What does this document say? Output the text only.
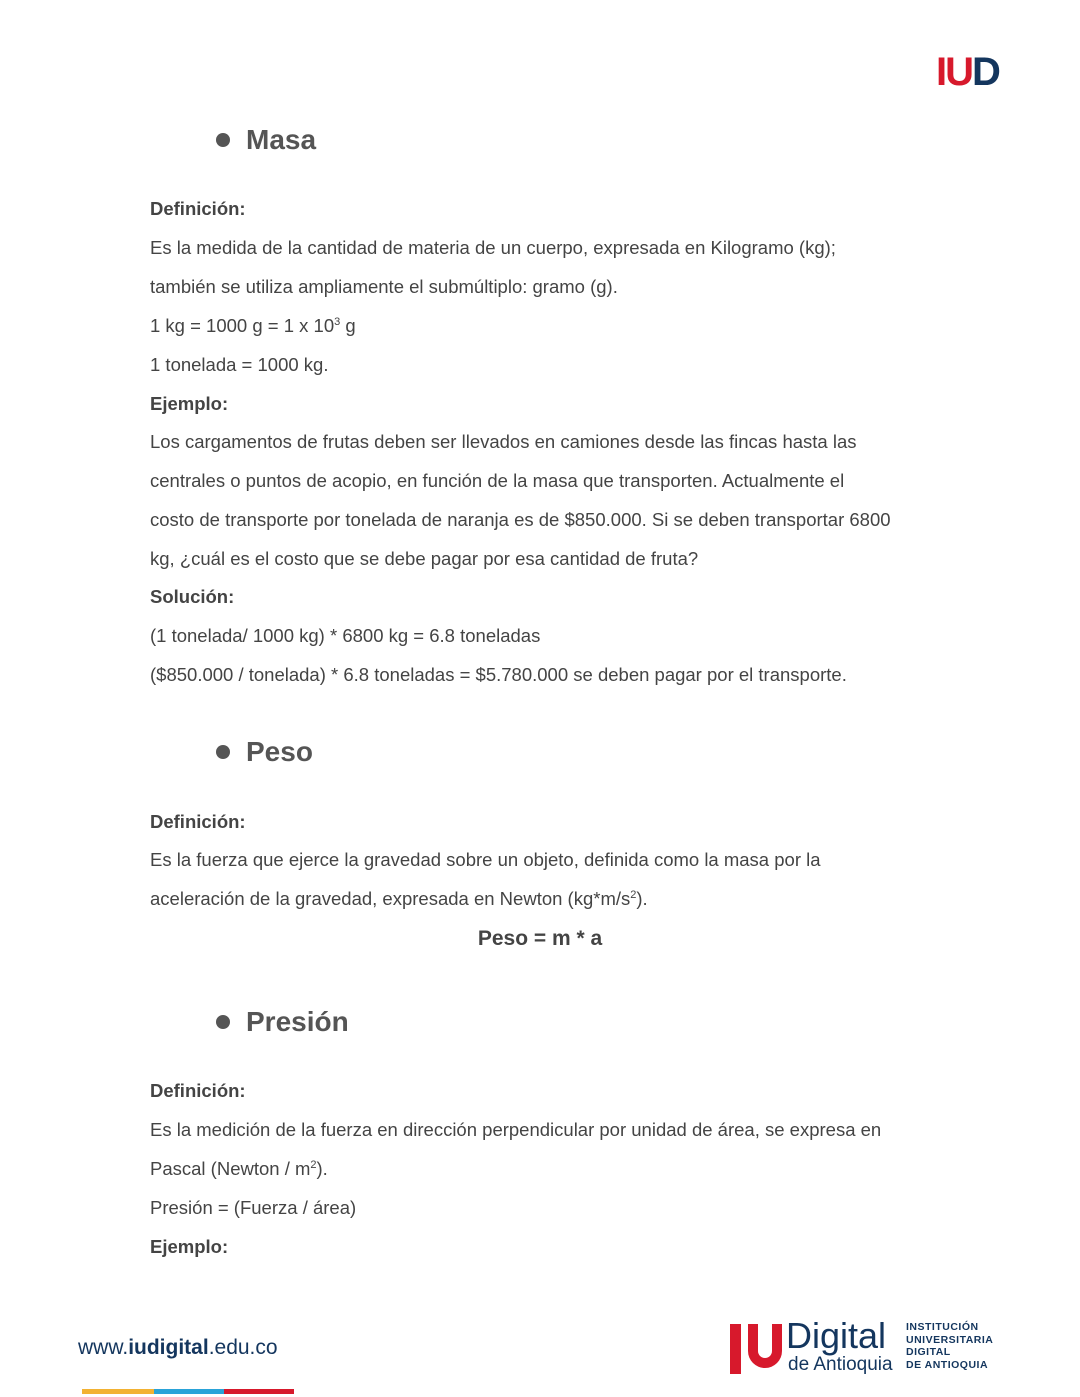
IUD
Masa
Definición:
Es la medida de la cantidad de materia de un cuerpo, expresada en Kilogramo (kg);
también se utiliza ampliamente el submúltiplo: gramo (g).
1 kg = 1000 g = 1 x $10^3$ g
1 tonelada = 1000 kg.
Ejemplo:
Los cargamentos de frutas deben ser llevados en camiones desde las fincas hasta las
centrales o puntos de acopio, en función de la masa que transporten. Actualmente el
costo de transporte por tonelada de naranja es de $850.000. Si se deben transportar 6800
kg, ¿cuál es el costo que se debe pagar por esa cantidad de fruta?
Solución:
(1 tonelada/ 1000 kg) * 6800 kg = 6.8 toneladas
($850.000 / tonelada) * 6.8 toneladas = $5.780.000 se deben pagar por el transporte.
Peso
Definición:
Es la fuerza que ejerce la gravedad sobre un objeto, definida como la masa por la
aceleración de la gravedad, expresada en Newton $(kg*m/s^2)$.
Peso = m * a
Presión
Definición:
Es la medición de la fuerza en dirección perpendicular por unidad de área, se expresa en
Pascal (Newton / $m^2$).
Presión = (Fuerza / área)
Ejemplo:
www.iudigital.edu.co	Digital
de Antioquia
INSTITUCIÓN
UNIVERSITARIA
DIGITAL
DE ANTIOQUIA
